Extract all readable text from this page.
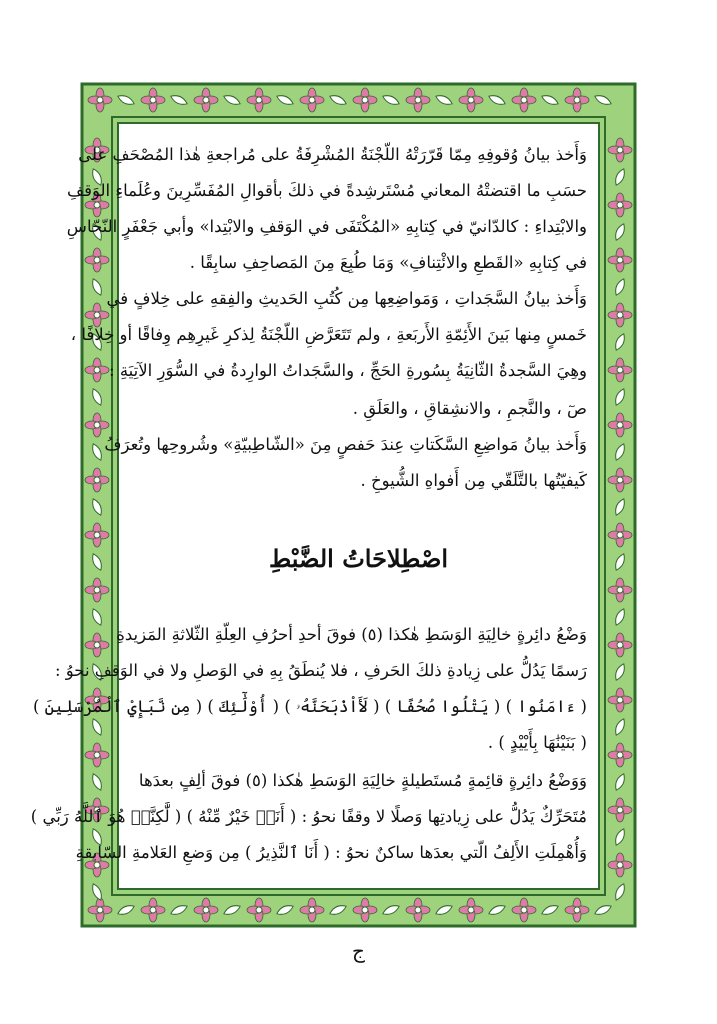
وَأَخذ بيانُ وُقوفِهِ مِمّا قَرّرَتْهُ اللّجْنَةُ المُشْرِفَةُ على مُراجعةِ هٰذا المُصْحَفِ على
حسَبِ ما اقتضتْهُ المعاني مُسْتَرشِدةً في ذلكَ بأقوالِ المُفَسِّرِينَ وعُلَماءِ الوَقفِ
والابْتِداءِ : كالدّانيّ في كِتابِهِ «المُكْتَفَى في الوَقفِ والابْتِدا» وأبي جَعْفَرٍ النّحّاسِ
في كِتابِهِ «القَطعِ والائْتِنافِ» وَمَا طُبِعَ مِنَ المَصاحِفِ سابِقًا .
وَأَخذ بيانُ السَّجَداتِ ، وَمَواضِعِها مِن كُتُبِ الحَديثِ والفِقهِ على خِلافٍ في
خَمسٍ مِنها بَينَ الأَئِمّةِ الأَربَعةِ ، ولم تَتَعَرَّضِ اللّجْنَةُ لِذكرِ غَيرِهِم وِفاقًا أو خِلافًا ،
وهِيَ السَّجدةُ الثّانِيَةُ بِسُورةِ الحَجِّ ، والسَّجَداتُ الوارِدةُ في السُّوَرِ الآتِيَةِ :
صٓ ، والنَّجمِ ، والانشِقاقِ ، والعَلَقِ .
وَأَخذ بيانُ مَواضِعِ السَّكَتاتِ عِندَ حَفصٍ مِنَ «الشّاطِبيّةِ» وشُروحِها وتُعرَفُ
كَيفيّتُها بالتَّلَقّي مِن أَفواهِ الشُّيوخِ .
اصْطِلاحَاتُ الضَّبْطِ
وَضْعُ دائِرةٍ خالِيَةِ الوَسَطِ هٰكذا (٥) فوقَ أحدِ أحرُفِ العِلّةِ الثّلاثةِ المَزيدةِ
رَسمًا يَدُلُّ على زِيادةِ ذلكَ الحَرفِ ، فلا يُنطَقُ بِهِ في الوَصلِ ولا في الوَقفِ نحوُ :
( ءَامَنُوا ) ( يَتْلُوا صُحُفًا ) ( لَأَاْذْبَحَنَّهُۥ ) ( أُوْلَٰٓئِكَ ) ( مِن نَّبَإِيْ ٱلْمُرْسَلِينَ )
( بَنَيْنَٰهَا بِأَيْيْدٍ ) .
وَوَضْعُ دائِرةٍ قائِمةٍ مُستَطيلةٍ خالِيَةِ الوَسَطِ هٰكذا (٥) فوقَ ألِفٍ بعدَها
مُتَحَرِّكٌ يَدُلُّ على زِيادتِها وَصلًا لا وقفًا نحوُ : ( أَنَا۠ خَيْرٌ مِّنْهُ ) ( لَّٰكِنَّا۠ هُوَ ٱللَّهُ رَبِّي )
وَأُهْمِلَتِ الأَلِفُ الّتي بعدَها ساكنٌ نحوُ : ( أَنَا ٱلنَّذِيرُ ) مِن وَضعِ العَلامةِ السّابقةِ
ج
